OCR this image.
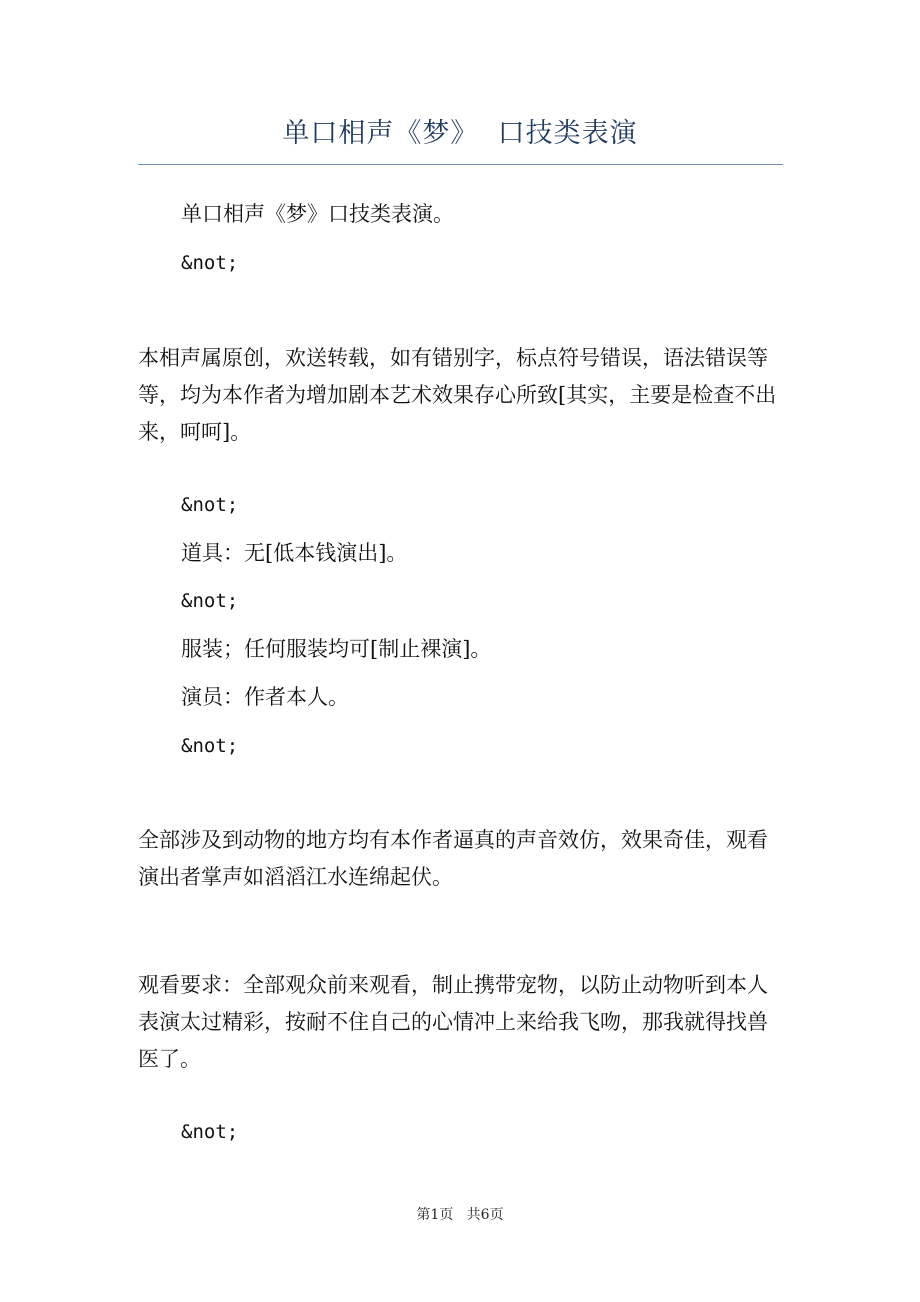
单口相声《梦》  口技类表演

单口相声《梦》口技类表演。

&not;

本相声属原创，欢送转载，如有错别字，标点符号错误，语法错误等等，均为本作者为增加剧本艺术效果存心所致[其实，主要是检查不出来，呵呵]。

&not;

道具：无[低本钱演出]。

&not;

服装；任何服装均可[制止裸演]。

演员：作者本人。

&not;

全部涉及到动物的地方均有本作者逼真的声音效仿，效果奇佳，观看演出者掌声如滔滔江水连绵起伏。

观看要求：全部观众前来观看，制止携带宠物，以防止动物听到本人表演太过精彩，按耐不住自己的心情冲上来给我飞吻，那我就得找兽医了。

&not;

第1页   共6页
